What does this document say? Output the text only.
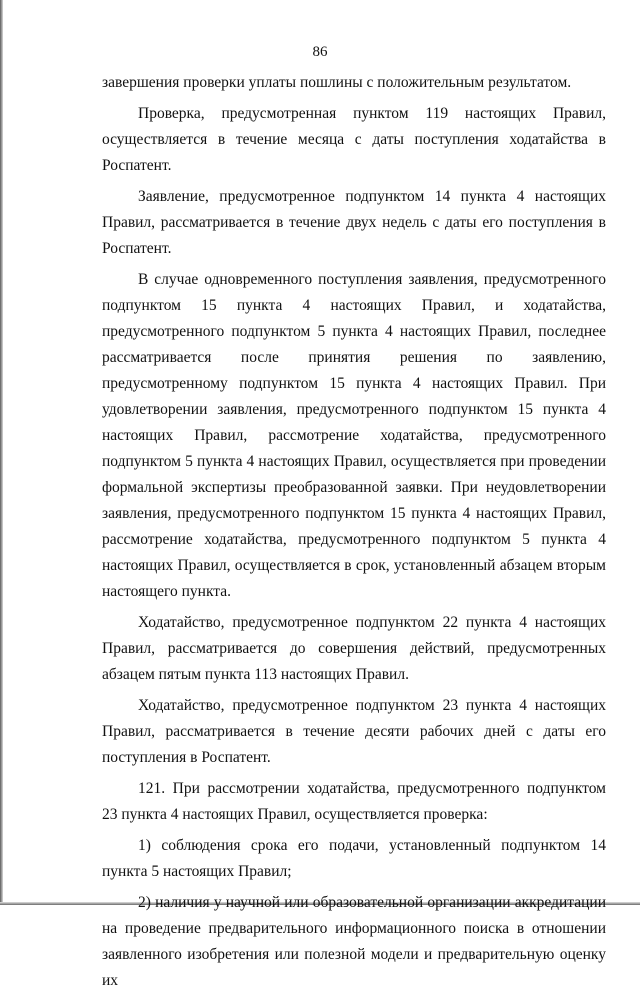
86

завершения проверки уплаты пошлины с положительным результатом.

Проверка, предусмотренная пунктом 119 настоящих Правил, осуществляется в течение месяца с даты поступления ходатайства в Роспатент.

Заявление, предусмотренное подпунктом 14 пункта 4 настоящих Правил, рассматривается в течение двух недель с даты его поступления в Роспатент.

В случае одновременного поступления заявления, предусмотренного подпунктом 15 пункта 4 настоящих Правил, и ходатайства, предусмотренного подпунктом 5 пункта 4 настоящих Правил, последнее рассматривается после принятия решения по заявлению, предусмотренному подпунктом 15 пункта 4 настоящих Правил. При удовлетворении заявления, предусмотренного подпунктом 15 пункта 4 настоящих Правил, рассмотрение ходатайства, предусмотренного подпунктом 5 пункта 4 настоящих Правил, осуществляется при проведении формальной экспертизы преобразованной заявки. При неудовлетворении заявления, предусмотренного подпунктом 15 пункта 4 настоящих Правил, рассмотрение ходатайства, предусмотренного подпунктом 5 пункта 4 настоящих Правил, осуществляется в срок, установленный абзацем вторым настоящего пункта.

Ходатайство, предусмотренное подпунктом 22 пункта 4 настоящих Правил, рассматривается до совершения действий, предусмотренных абзацем пятым пункта 113 настоящих Правил.

Ходатайство, предусмотренное подпунктом 23 пункта 4 настоящих Правил, рассматривается в течение десяти рабочих дней с даты его поступления в Роспатент.

121. При рассмотрении ходатайства, предусмотренного подпунктом 23 пункта 4 настоящих Правил, осуществляется проверка:

1) соблюдения срока его подачи, установленный подпунктом 14 пункта 5 настоящих Правил;

2) наличия у научной или образовательной организации аккредитации на проведение предварительного информационного поиска в отношении заявленного изобретения или полезной модели и предварительную оценку их
